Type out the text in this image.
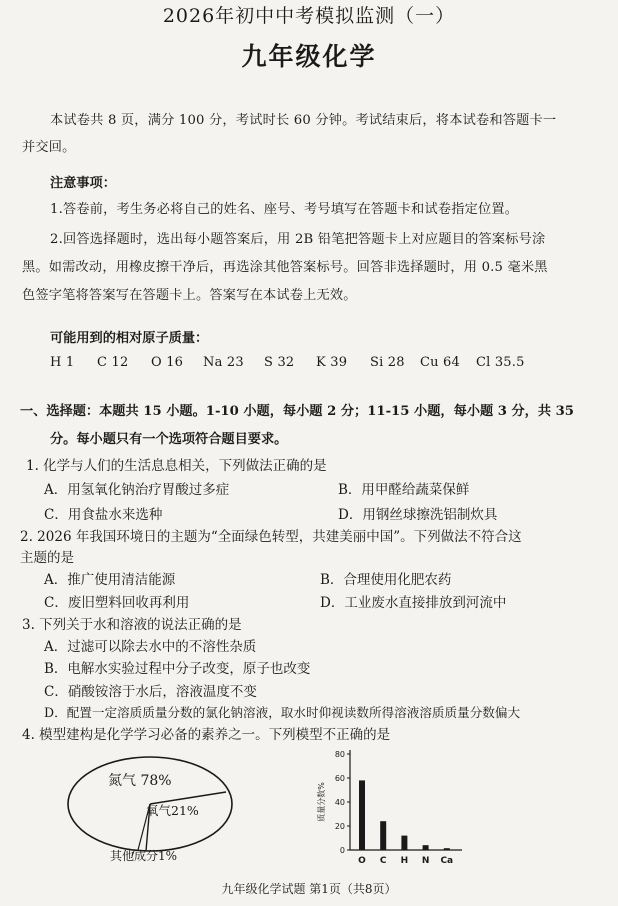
2026年初中中考模拟监测（一）
九年级化学
本试卷共 8 页，满分 100 分，考试时长 60 分钟。考试结束后，将本试卷和答题卡一
并交回。
注意事项：
1.答卷前，考生务必将自己的姓名、座号、考号填写在答题卡和试卷指定位置。
2.回答选择题时，选出每小题答案后，用 2B 铅笔把答题卡上对应题目的答案标号涂
黑。如需改动，用橡皮擦干净后，再选涂其他答案标号。回答非选择题时，用 0.5 毫米黑
色签字笔将答案写在答题卡上。答案写在本试卷上无效。
可能用到的相对原子质量：
H 1 C 12 O 16 Na 23 S 32 K 39 Si 28 Cu 64 Cl 35.5
一、选择题：本题共 15 小题。1-10 小题，每小题 2 分；11-15 小题，每小题 3 分，共 35
分。每小题只有一个选项符合题目要求。
1. 化学与人们的生活息息相关，下列做法正确的是
A．用氢氧化钠治疗胃酸过多症	B．用甲醛给蔬菜保鲜
C．用食盐水来选种	D．用钢丝球擦洗铝制炊具
2. 2026 年我国环境日的主题为“全面绿色转型，共建美丽中国”。下列做法不符合这
主题的是
A．推广使用清洁能源	B．合理使用化肥农药
C．废旧塑料回收再利用	D．工业废水直接排放到河流中
3. 下列关于水和溶液的说法正确的是
A．过滤可以除去水中的不溶性杂质
B．电解水实验过程中分子改变，原子也改变
C．硝酸铵溶于水后，溶液温度不变
D．配置一定溶质质量分数的氯化钠溶液，取水时仰视读数所得溶液溶质质量分数偏大
4. 模型建构是化学学习必备的素养之一。下列模型不正确的是
氮气 78%
氧气21%
其他成分1%	0
20
40
60
80
质量分数%
O C H N Ca
九年级化学试题 第1页（共8页）
